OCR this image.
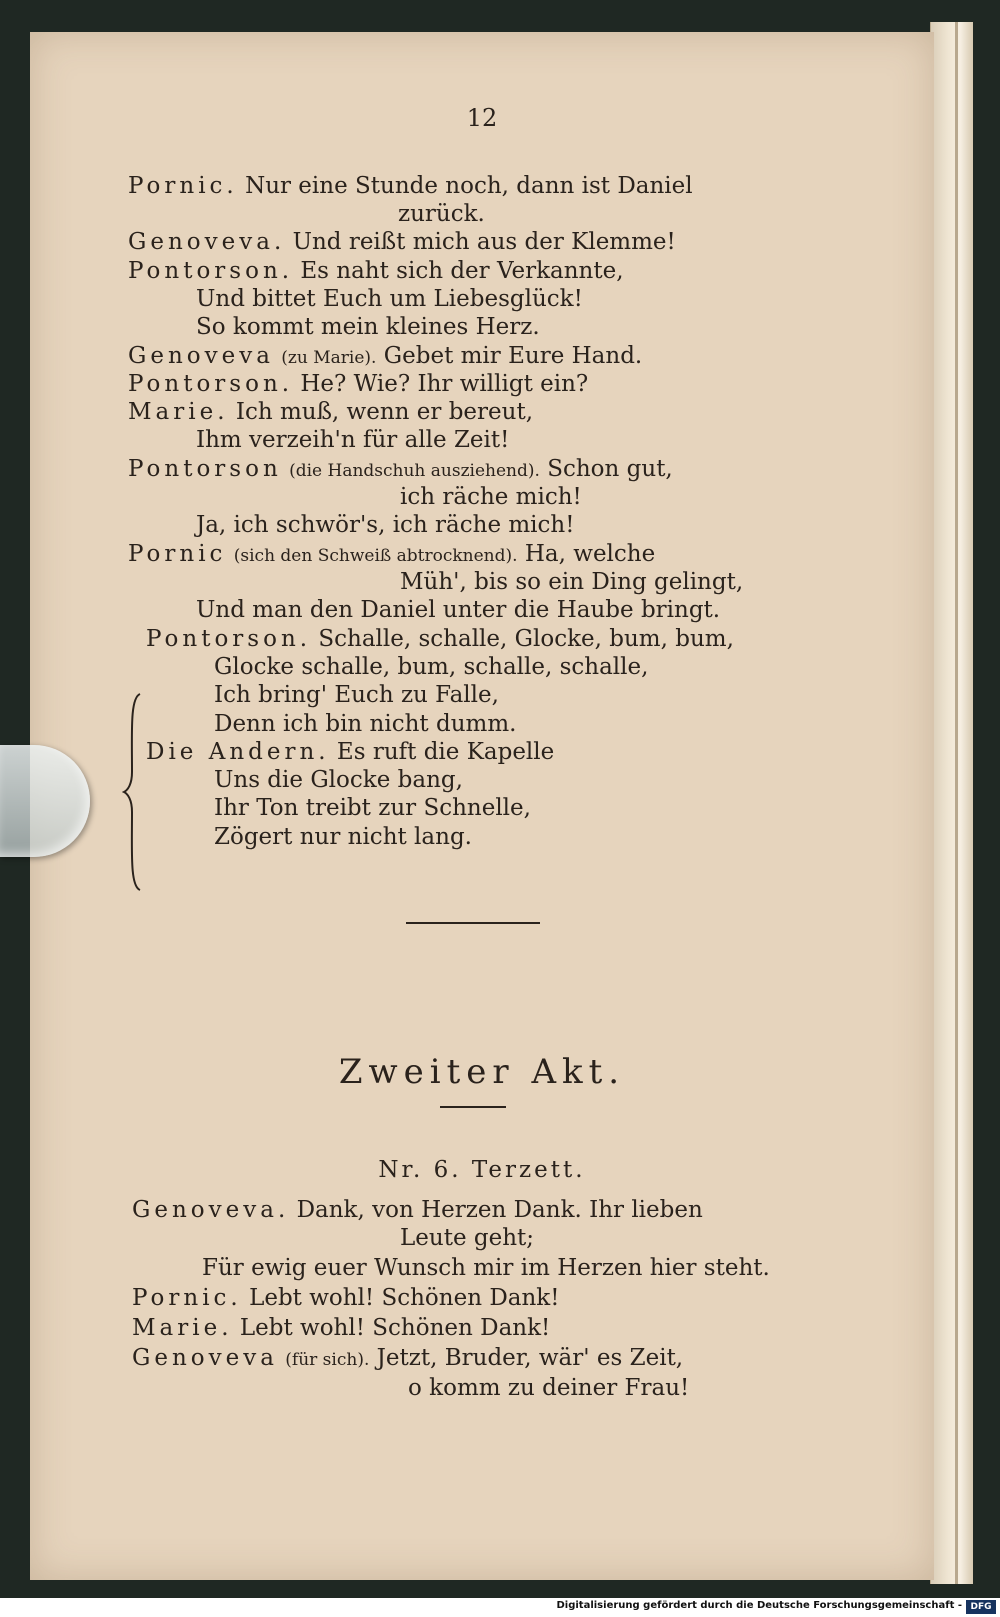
12
Pornic. Nur eine Stunde noch, dann ist Daniel
zurück.
Genoveva. Und reißt mich aus der Klemme!
Pontorson. Es naht sich der Verkannte,
Und bittet Euch um Liebesglück!
So kommt mein kleines Herz.
Genoveva (zu Marie). Gebet mir Eure Hand.
Pontorson. He? Wie? Ihr willigt ein?
Marie. Ich muß, wenn er bereut,
Ihm verzeih'n für alle Zeit!
Pontorson (die Handschuh ausziehend). Schon gut,
ich räche mich!
Ja, ich schwör's, ich räche mich!
Pornic (sich den Schweiß abtrocknend). Ha, welche
Müh', bis so ein Ding gelingt,
Und man den Daniel unter die Haube bringt.
Pontorson. Schalle, schalle, Glocke, bum, bum,
Glocke schalle, bum, schalle, schalle,
Ich bring' Euch zu Falle,
Denn ich bin nicht dumm.
Die Andern. Es ruft die Kapelle
Uns die Glocke bang,
Ihr Ton treibt zur Schnelle,
Zögert nur nicht lang.
Zweiter Akt.
Nr. 6. Terzett.
Genoveva. Dank, von Herzen Dank. Ihr lieben
Leute geht;
Für ewig euer Wunsch mir im Herzen hier steht.
Pornic. Lebt wohl! Schönen Dank!
Marie. Lebt wohl! Schönen Dank!
Genoveva (für sich). Jetzt, Bruder, wär' es Zeit,
o komm zu deiner Frau!
Digitalisierung gefördert durch die Deutsche Forschungsgemeinschaft - DFG
